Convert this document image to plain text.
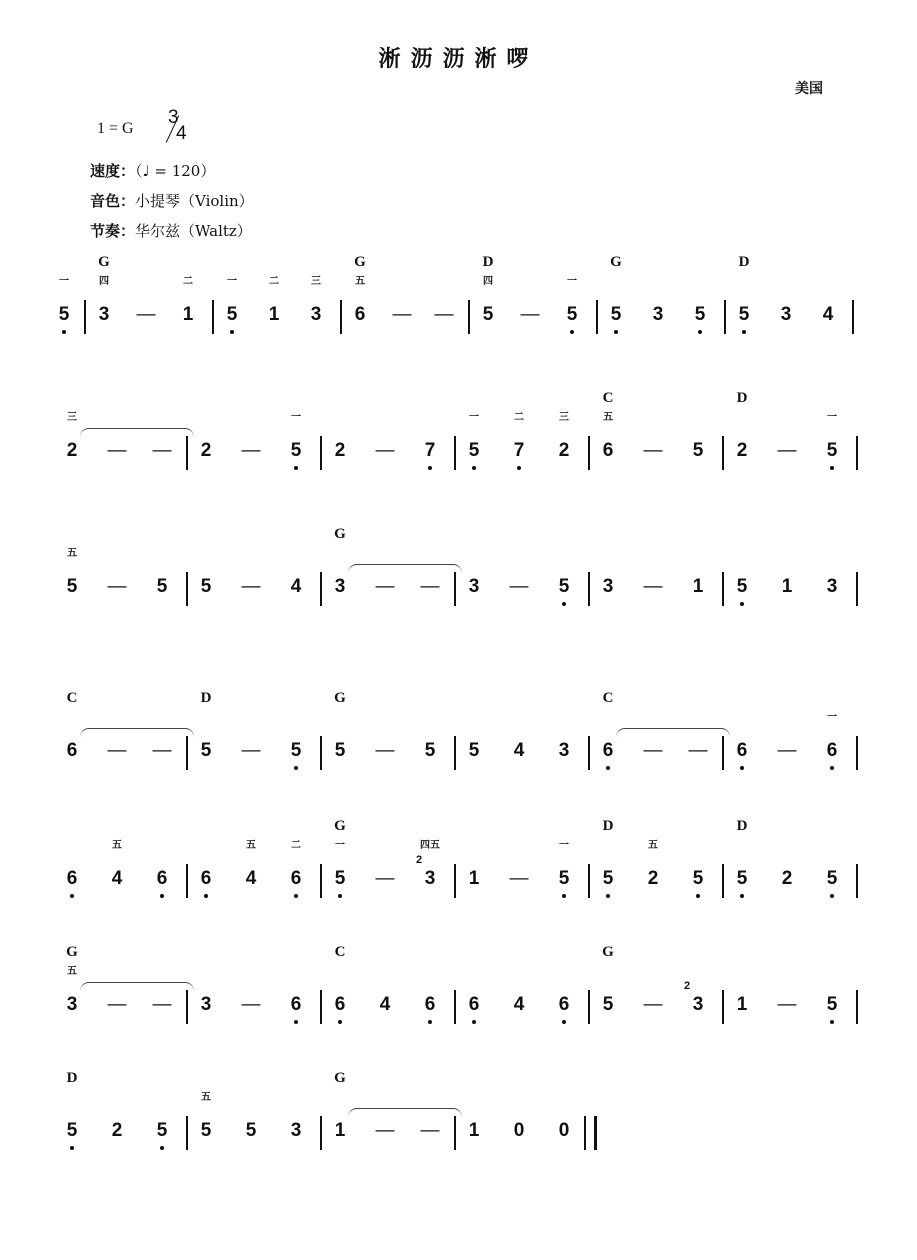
淅沥沥淅啰
美国
1 = G
3
4
速度：（♩ = 120）
音色：小提琴（Violin）
节奏：华尔兹（Waltz）
5 3 — 1 5 1 3 6 — — 5 — 5 5 3 5 5 3 4
一
G
四	二	一	二	三
G
五
D
四	一
G	D
2 — — 2 — 5 2 — 7 5 7 2 6 — 5 2 — 5
三	一	一	二	三
C
五
D
一
5 — 5 5 — 4 3 — — 3 — 5 3 — 1 5 1 3
五
G
6 — — 5 — 5 5 — 5 5 4 3 6 — — 6 — 6
C	D	G	C
一
6 4 6 6 4 6 5 — 3
2
1 — 5 5 2 5 5 2 5
五	五	二
G
一	四五	一
D
五
D
3 — — 3 — 6 6 4 6 6 4 6 5 — 3
2
1 — 5
G
五
C	G
5 2 5 5 5 3 1 — — 1 0 0
D
五
G
